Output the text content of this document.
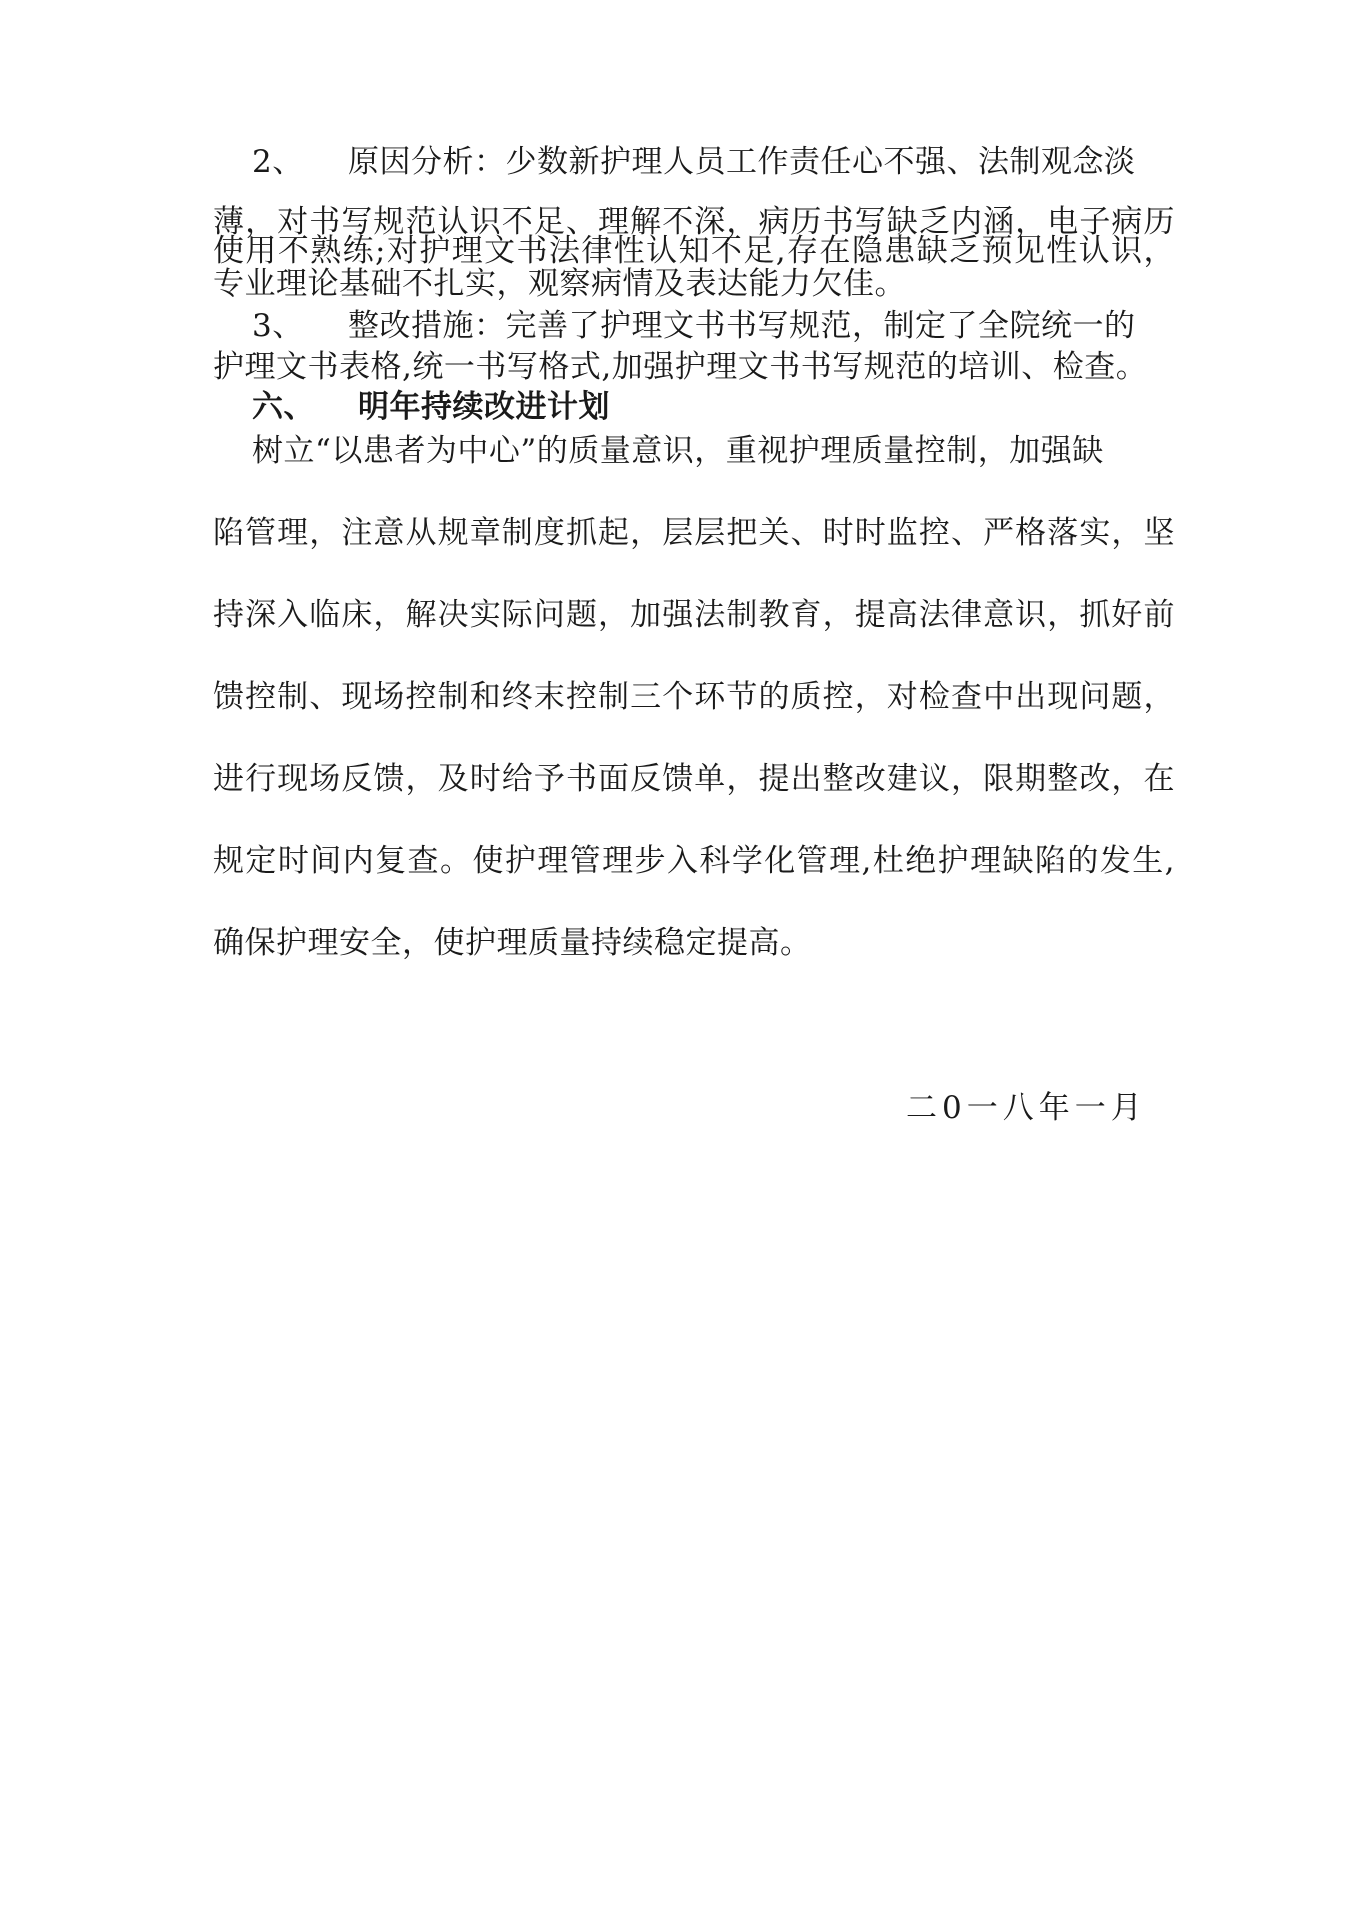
2、 原因分析：少数新护理人员工作责任心不强、法制观念淡
薄，对书写规范认识不足、理解不深，病历书写缺乏内涵，电子病历
使用不熟练;对护理文书法律性认知不足,存在隐患缺乏预见性认识，
专业理论基础不扎实，观察病情及表达能力欠佳。
3、 整改措施：完善了护理文书书写规范，制定了全院统一的
护理文书表格,统一书写格式,加强护理文书书写规范的培训、检查。
六、 明年持续改进计划
树立“以患者为中心”的质量意识，重视护理质量控制，加强缺
陷管理，注意从规章制度抓起，层层把关、时时监控、严格落实，坚
持深入临床，解决实际问题，加强法制教育，提高法律意识，抓好前
馈控制、现场控制和终末控制三个环节的质控，对检查中出现问题，
进行现场反馈，及时给予书面反馈单，提出整改建议，限期整改，在
规定时间内复查。使护理管理步入科学化管理,杜绝护理缺陷的发生,
确保护理安全，使护理质量持续稳定提高。
二0一八年一月
